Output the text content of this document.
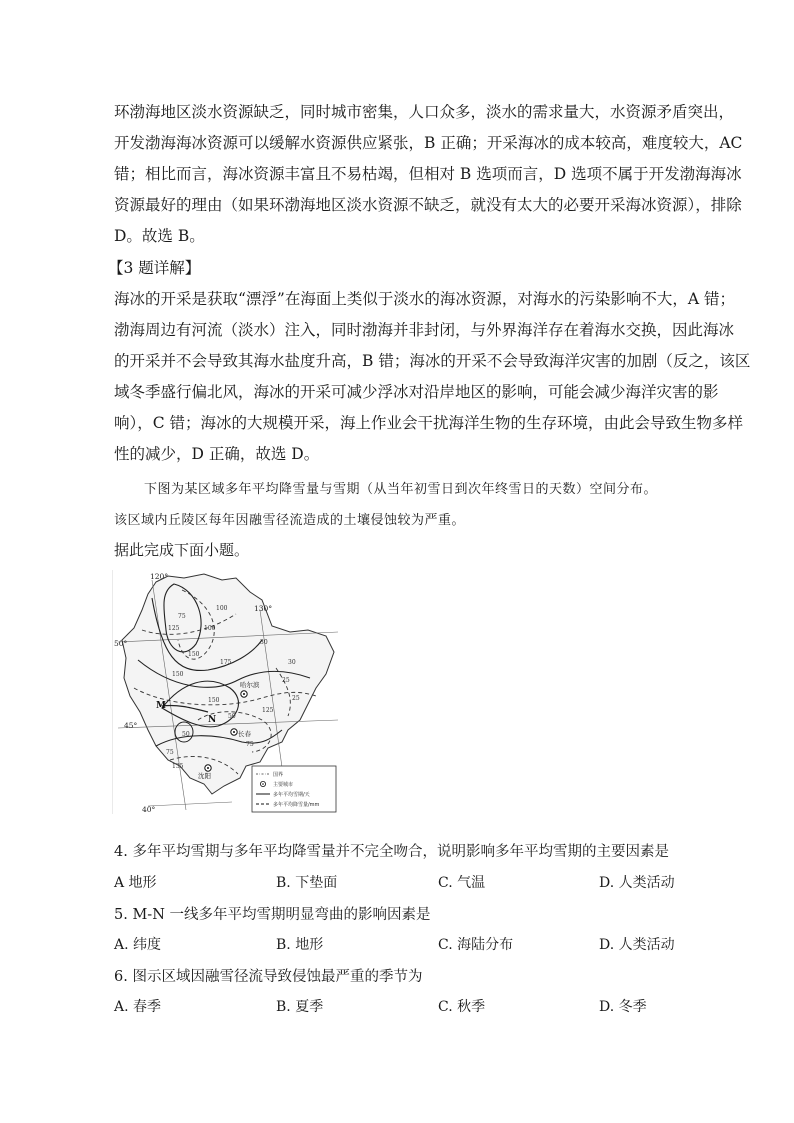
环渤海地区淡水资源缺乏，同时城市密集，人口众多，淡水的需求量大，水资源矛盾突出，

开发渤海海冰资源可以缓解水资源供应紧张，B 正确；开采海冰的成本较高，难度较大，AC

错；相比而言，海冰资源丰富且不易枯竭，但相对 B 选项而言，D 选项不属于开发渤海海冰

资源最好的理由（如果环渤海地区淡水资源不缺乏，就没有太大的必要开采海冰资源），排除

D。故选 B。

【3 题详解】

海冰的开采是获取“漂浮”在海面上类似于淡水的海冰资源，对海水的污染影响不大，A 错；

渤海周边有河流（淡水）注入，同时渤海并非封闭，与外界海洋存在着海水交换，因此海冰

的开采并不会导致其海水盐度升高，B 错；海冰的开采不会导致海洋灾害的加剧（反之，该区

域冬季盛行偏北风，海冰的开采可减少浮冰对沿岸地区的影响，可能会减少海洋灾害的影

响），C 错；海冰的大规模开采，海上作业会干扰海洋生物的生存环境，由此会导致生物多样

性的减少，D 正确，故选 D。

下图为某区域多年平均降雪量与雪期（从当年初雪日到次年终雪日的天数）空间分布。
该区域内丘陵区每年因融雪径流造成的土壤侵蚀较为严重。
据此完成下面小题。
120°
130°
50°
45°
40°
哈尔滨
长春
沈阳
M
N
75
125	100
100
150
175
25
150
30
25
150
125
75
50
30
50
75
135
国界
主要城市
多年平均雪期/天
多年平均降雪量/mm
4. 多年平均雪期与多年平均降雪量并不完全吻合，说明影响多年平均雪期的主要因素是
A 地形	B. 下垫面	C. 气温	D. 人类活动
5. M-N 一线多年平均雪期明显弯曲的影响因素是
A. 纬度	B. 地形	C. 海陆分布	D. 人类活动
6. 图示区域因融雪径流导致侵蚀最严重的季节为
A. 春季	B. 夏季	C. 秋季	D. 冬季
